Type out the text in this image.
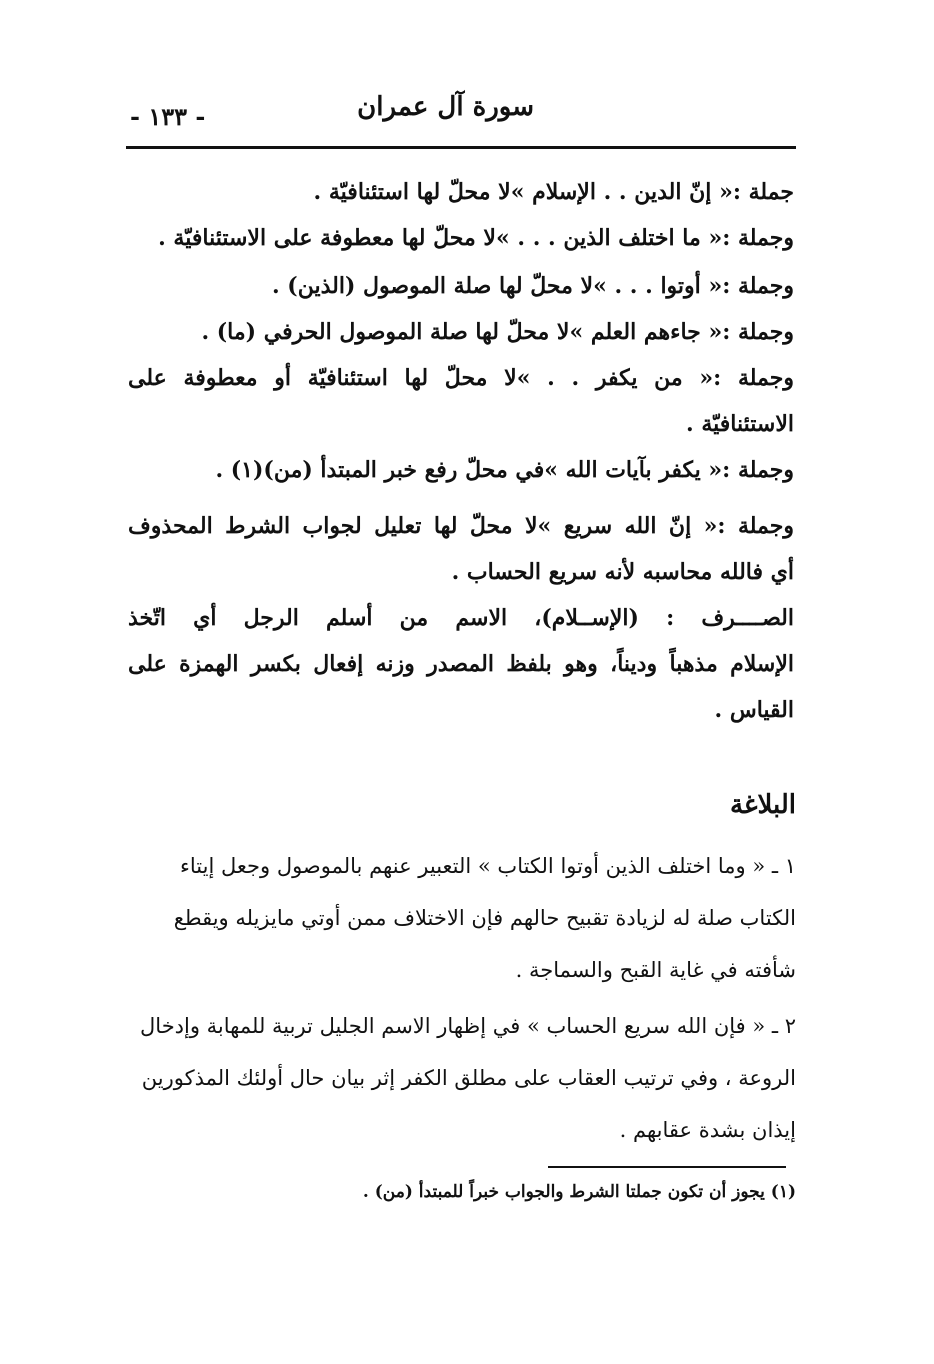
سورة آل عمران
- ١٣٣ -
جملة :« إنّ الدين . . الإسلام »لا محلّ لها استئنافيّة .
وجملة :« ما اختلف الذين . . . »لا محلّ لها معطوفة على الاستئنافيّة .
وجملة :« أوتوا . . . »لا محلّ لها صلة الموصول (الذين) .
وجملة :« جاءهم العلم »لا محلّ لها صلة الموصول الحرفي (ما) .
وجملة :« من يكفر . . »لا محلّ لها استئنافيّة أو معطوفة على
الاستئنافيّة .
وجملة :« يكفر بآيات الله »في محلّ رفع خبر المبتدأ (من)(١) .
وجملة :« إنّ الله سريع »لا محلّ لها تعليل لجواب الشرط المحذوف
أي فالله محاسبه لأنه سريع الحساب .
الصــــرف : (الإســلام)، الاسم من أسلم الرجل أي اتّخذ
الإسلام مذهباً وديناً، وهو بلفظ المصدر وزنه إفعال بكسر الهمزة على
القياس .
البلاغة
١ ـ « وما اختلف الذين أوتوا الكتاب » التعبير عنهم بالموصول وجعل إيتاء الكتاب صلة له لزيادة تقبيح حالهم فإن الاختلاف ممن أوتي مايزيله ويقطع شأفته في غاية القبح والسماجة .
٢ ـ « فإن الله سريع الحساب » في إظهار الاسم الجليل تربية للمهابة وإدخال الروعة ، وفي ترتيب العقاب على مطلق الكفر إثر بيان حال أولئك المذكورين إيذان بشدة عقابهم .
(١) يجوز أن تكون جملتا الشرط والجواب خبراً للمبتدأ (من) .
